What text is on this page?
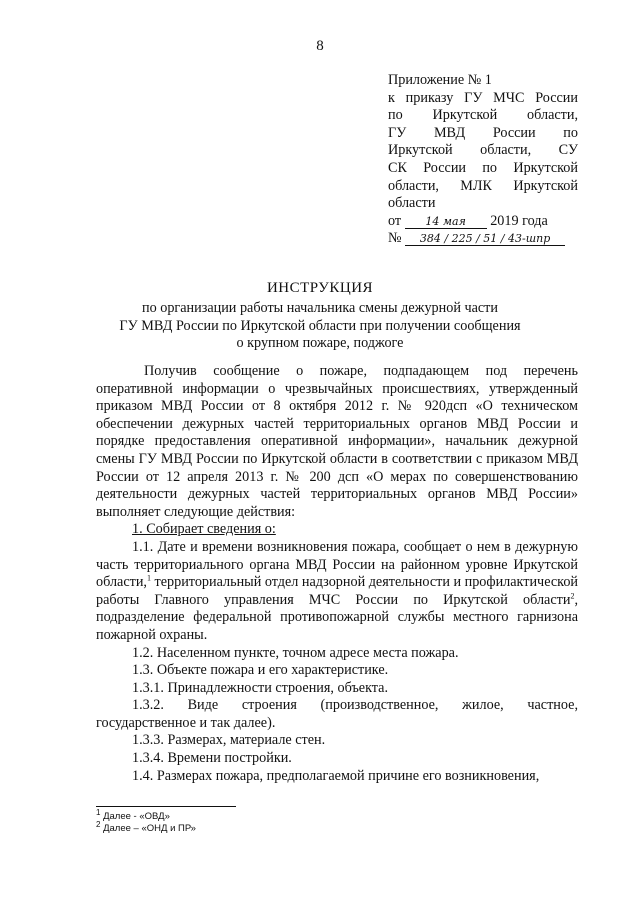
8
Приложение № 1
к приказу ГУ МЧС России
по Иркутской области,
ГУ МВД России по
Иркутской области, СУ
СК России по Иркутской
области, МЛК Иркутской
области
от 14 мая 2019 года
№ 384 / 225 / 51 / 43-шпр
ИНСТРУКЦИЯ
по организации работы начальника смены дежурной части
ГУ МВД России по Иркутской области при получении сообщения
о крупном пожаре, поджоге

Получив сообщение о пожаре, подпадающем под перечень оперативной информации о чрезвычайных происшествиях, утвержденный приказом МВД России от 8 октября 2012 г. № 920дсп «О техническом обеспечении дежурных частей территориальных органов МВД России и порядке предоставления оперативной информации», начальник дежурной смены ГУ МВД России по Иркутской области в соответствии с приказом МВД России от 12 апреля 2013 г. № 200 дсп «О мерах по совершенствованию деятельности дежурных частей территориальных органов МВД России» выполняет следующие действия:

1. Собирает сведения о:

1.1. Дате и времени возникновения пожара, сообщает о нем в дежурную часть территориального органа МВД России на районном уровне Иркутской области,$^1$ территориальный отдел надзорной деятельности и профилактической работы Главного управления МЧС России по Иркутской области$^2$, подразделение федеральной противопожарной службы местного гарнизона пожарной охраны.

1.2. Населенном пункте, точном адресе места пожара.

1.3. Объекте пожара и его характеристике.

1.3.1. Принадлежности строения, объекта.

1.3.2. Виде строения (производственное, жилое, частное, государственное и так далее).

1.3.3. Размерах, материале стен.

1.3.4. Времени постройки.

1.4. Размерах пожара, предполагаемой причине его возникновения,

$^1$ Далее - «ОВД»
$^2$ Далее – «ОНД и ПР»
